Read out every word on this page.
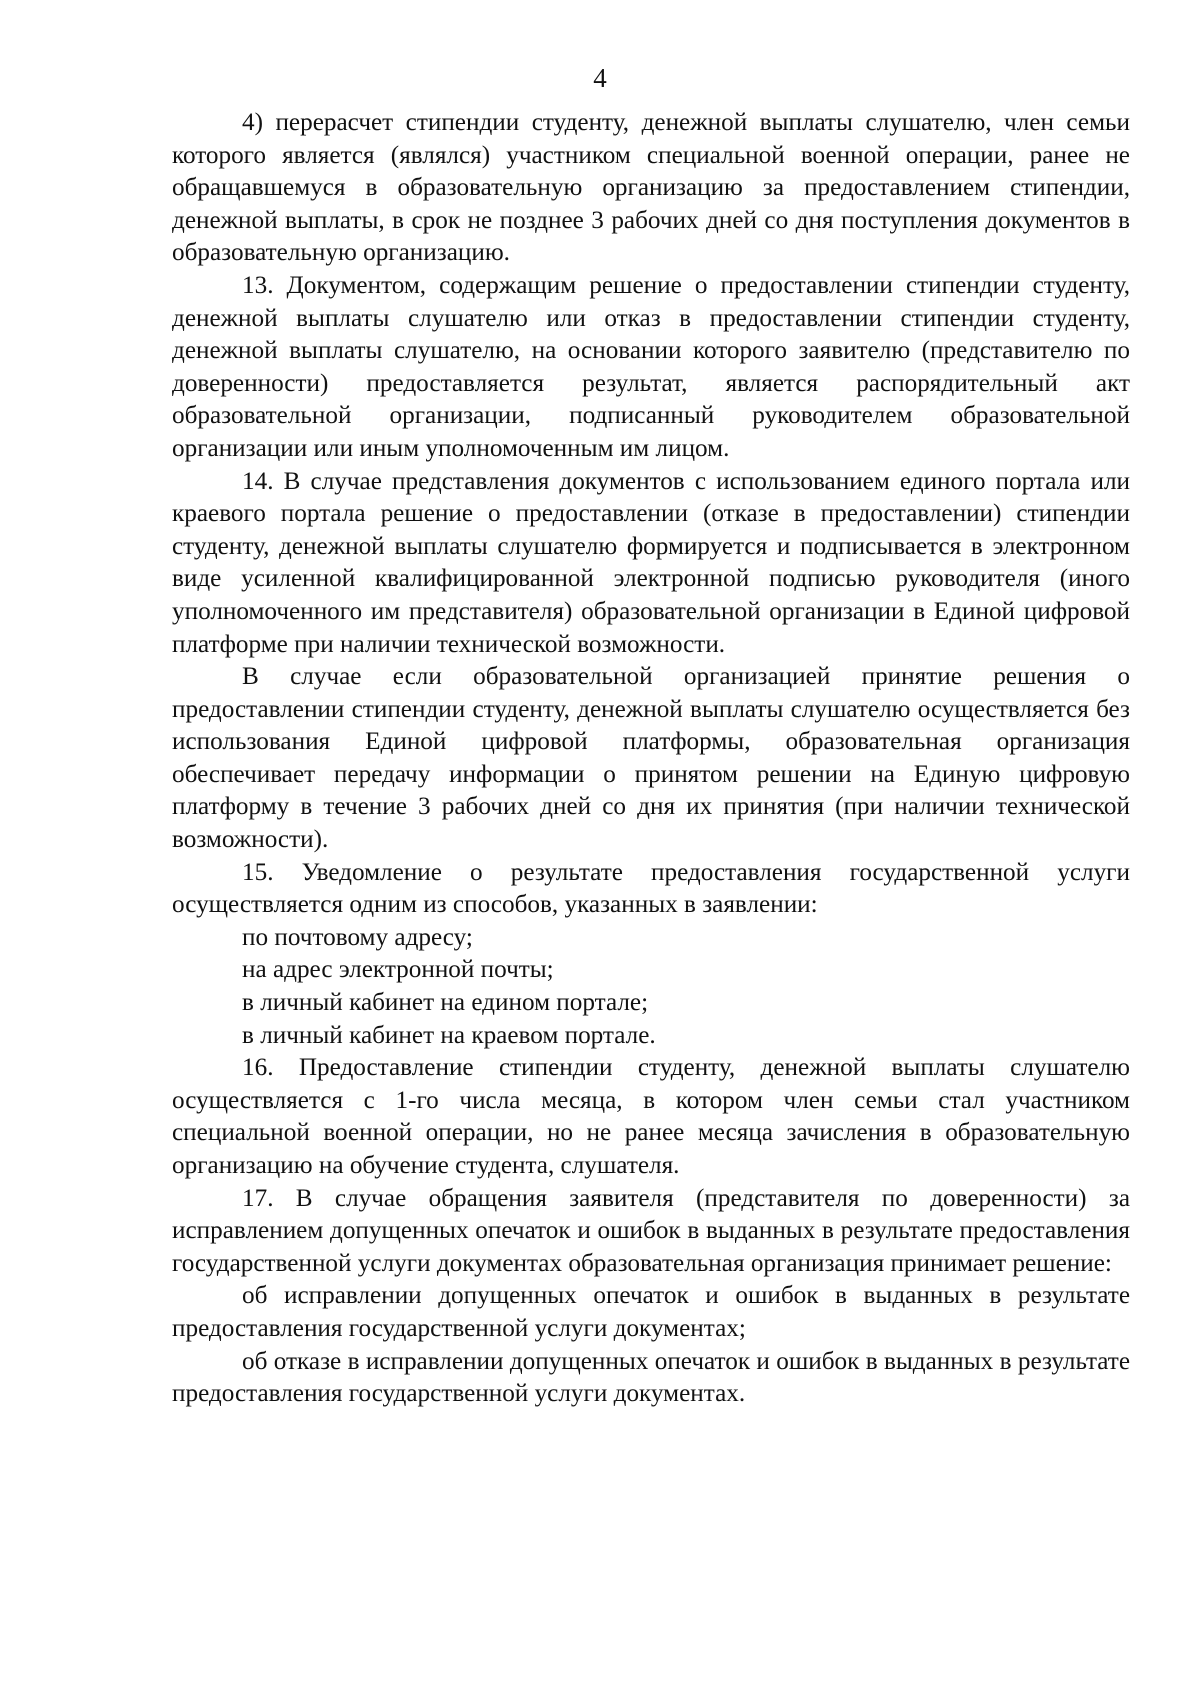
4

4) перерасчет стипендии студенту, денежной выплаты слушателю, член семьи которого является (являлся) участником специальной военной операции, ранее не обращавшемуся в образовательную организацию за предоставлением стипендии, денежной выплаты, в срок не позднее 3 рабочих дней со дня поступления документов в образовательную организацию.

13. Документом, содержащим решение о предоставлении стипендии студенту, денежной выплаты слушателю или отказ в предоставлении стипендии студенту, денежной выплаты слушателю, на основании которого заявителю (представителю по доверенности) предоставляется результат, является распорядительный акт образовательной организации, подписанный руководителем образовательной организации или иным уполномоченным им лицом.

14. В случае представления документов с использованием единого портала или краевого портала решение о предоставлении (отказе в предоставлении) стипендии студенту, денежной выплаты слушателю формируется и подписывается в электронном виде усиленной квалифицированной электронной подписью руководителя (иного уполномоченного им представителя) образовательной организации в Единой цифровой платформе при наличии технической возможности.

В случае если образовательной организацией принятие решения о предоставлении стипендии студенту, денежной выплаты слушателю осуществляется без использования Единой цифровой платформы, образовательная организация обеспечивает передачу информации о принятом решении на Единую цифровую платформу в течение 3 рабочих дней со дня их принятия (при наличии технической возможности).

15. Уведомление о результате предоставления государственной услуги осуществляется одним из способов, указанных в заявлении:

по почтовому адресу;

на адрес электронной почты;

в личный кабинет на едином портале;

в личный кабинет на краевом портале.

16. Предоставление стипендии студенту, денежной выплаты слушателю осуществляется с 1-го числа месяца, в котором член семьи стал участником специальной военной операции, но не ранее месяца зачисления в образовательную организацию на обучение студента, слушателя.

17. В случае обращения заявителя (представителя по доверенности) за исправлением допущенных опечаток и ошибок в выданных в результате предоставления государственной услуги документах образовательная организация принимает решение:

об исправлении допущенных опечаток и ошибок в выданных в результате предоставления государственной услуги документах;

об отказе в исправлении допущенных опечаток и ошибок в выданных в результате предоставления государственной услуги документах.
